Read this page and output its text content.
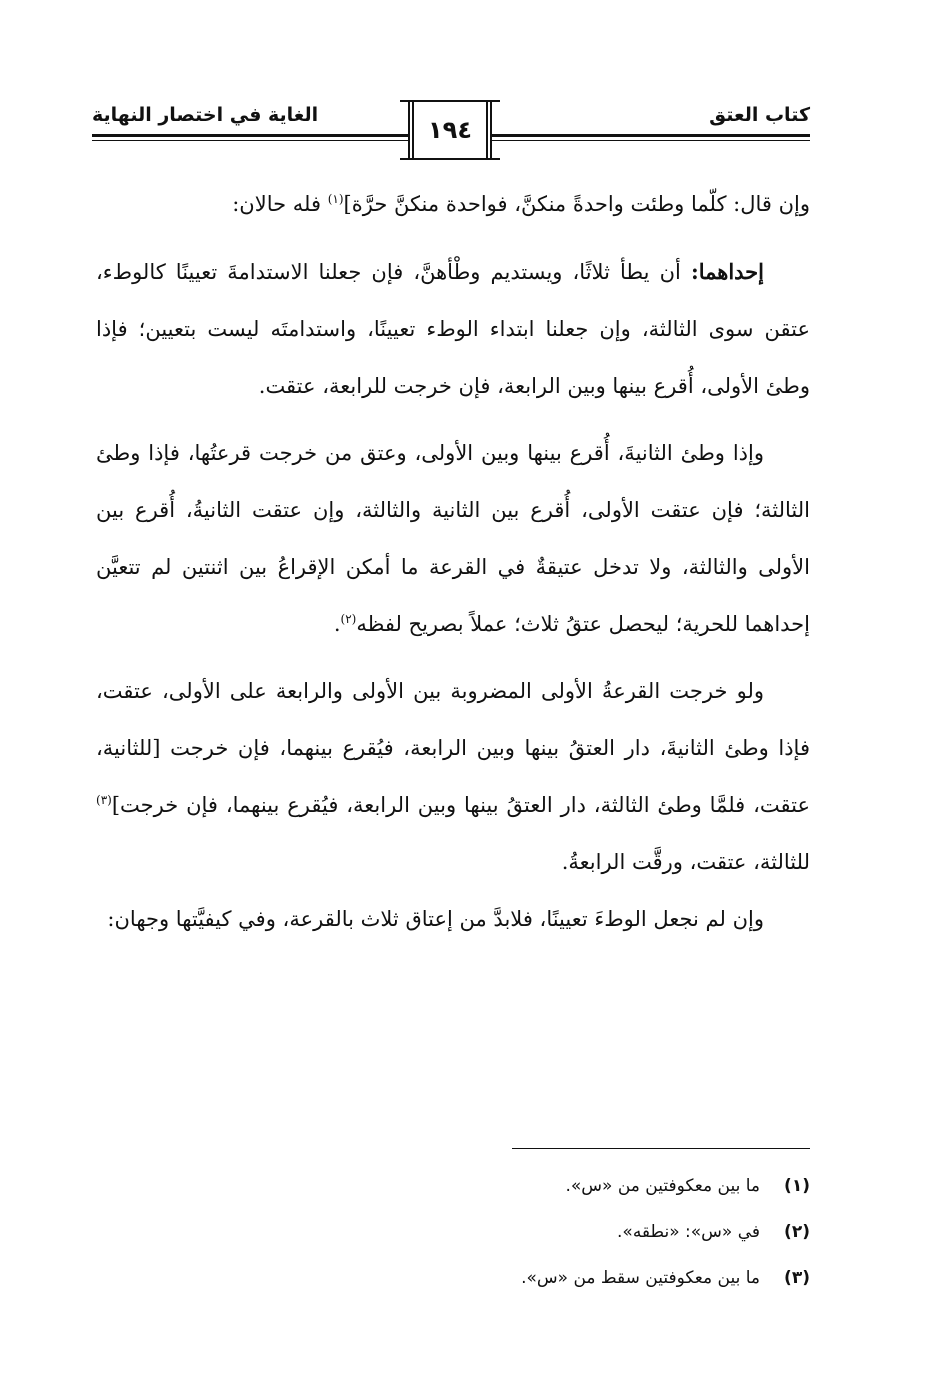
كتاب العتق
الغاية في اختصار النهاية
١٩٤

وإن قال: كلّما وطئت واحدةً منكنَّ، فواحدة منكنَّ حرَّة]$^{(١)}$ فله حالان:

إحداهما: أن يطأ ثلاثًا، ويستديم وطْأهنَّ، فإن جعلنا الاستدامةَ تعيينًا كالوطء، عتقن سوى الثالثة، وإن جعلنا ابتداء الوطء تعيينًا، واستدامتَه ليست بتعيين؛ فإذا وطئ الأولى، أُقرع بينها وبين الرابعة، فإن خرجت للرابعة، عتقت.

وإذا وطئ الثانيةَ، أُقرع بينها وبين الأولى، وعتق من خرجت قرعتُها، فإذا وطئ الثالثة؛ فإن عتقت الأولى، أُقرع بين الثانية والثالثة، وإن عتقت الثانيةُ، أُقرع بين الأولى والثالثة، ولا تدخل عتيقةٌ في القرعة ما أمكن الإقراعُ بين اثنتين لم تتعيَّن إحداهما للحرية؛ ليحصل عتقُ ثلاث؛ عملاً بصريح لفظه$^{(٢)}$.

ولو خرجت القرعةُ الأولى المضروبة بين الأولى والرابعة على الأولى، عتقت، فإذا وطئ الثانيةَ، دار العتقُ بينها وبين الرابعة، فيُقرع بينهما، فإن خرجت [للثانية، عتقت، فلمَّا وطئ الثالثة، دار العتقُ بينها وبين الرابعة، فيُقرع بينهما، فإن خرجت]$^{(٣)}$ للثالثة، عتقت، ورقَّت الرابعةُ.

وإن لم نجعل الوطءَ تعيينًا، فلابدَّ من إعتاق ثلاث بالقرعة، وفي كيفيَّتها وجهان:

(١)ما بين معكوفتين من «س».
(٢)في «س»: «نطقه».
(٣)ما بين معكوفتين سقط من «س».
